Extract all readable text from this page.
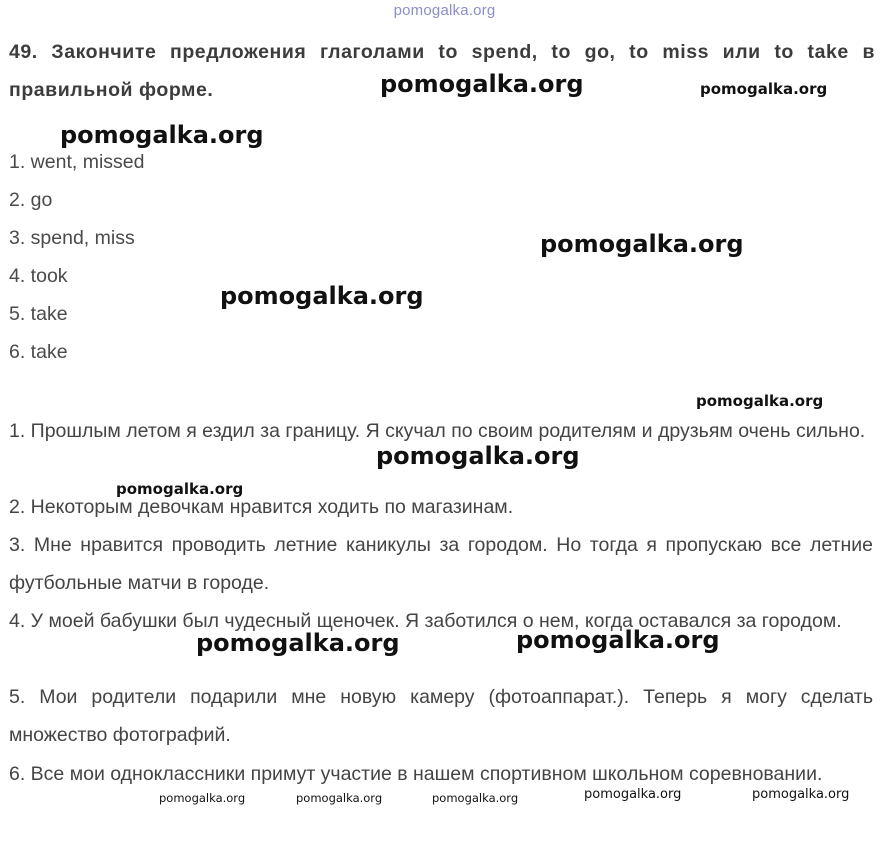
pomogalka.org
49. Закончите предложения глаголами to spend, to go, to miss или to take в правильной форме.
1. went, missed
2. go
3. spend, miss
4. took
5. take
6. take
1. Прошлым летом я ездил за границу. Я скучал по своим родителям и друзьям очень сильно.
2. Некоторым девочкам нравится ходить по магазинам.
3. Мне нравится проводить летние каникулы за городом. Но тогда я пропускаю все летние футбольные матчи в городе.
4. У моей бабушки был чудесный щеночек. Я заботился о нем, когда оставался за городом.
5. Мои родители подарили мне новую камеру (фотоаппарат.). Теперь я могу сделать множество фотографий.
6. Все мои одноклассники примут участие в нашем спортивном школьном соревновании.
pomogalka.org	pomogalka.org
pomogalka.org
pomogalka.org
pomogalka.org
pomogalka.org
pomogalka.org
pomogalka.org
pomogalka.org	pomogalka.org
pomogalka.org	pomogalka.org	pomogalka.org	pomogalka.org	pomogalka.org
